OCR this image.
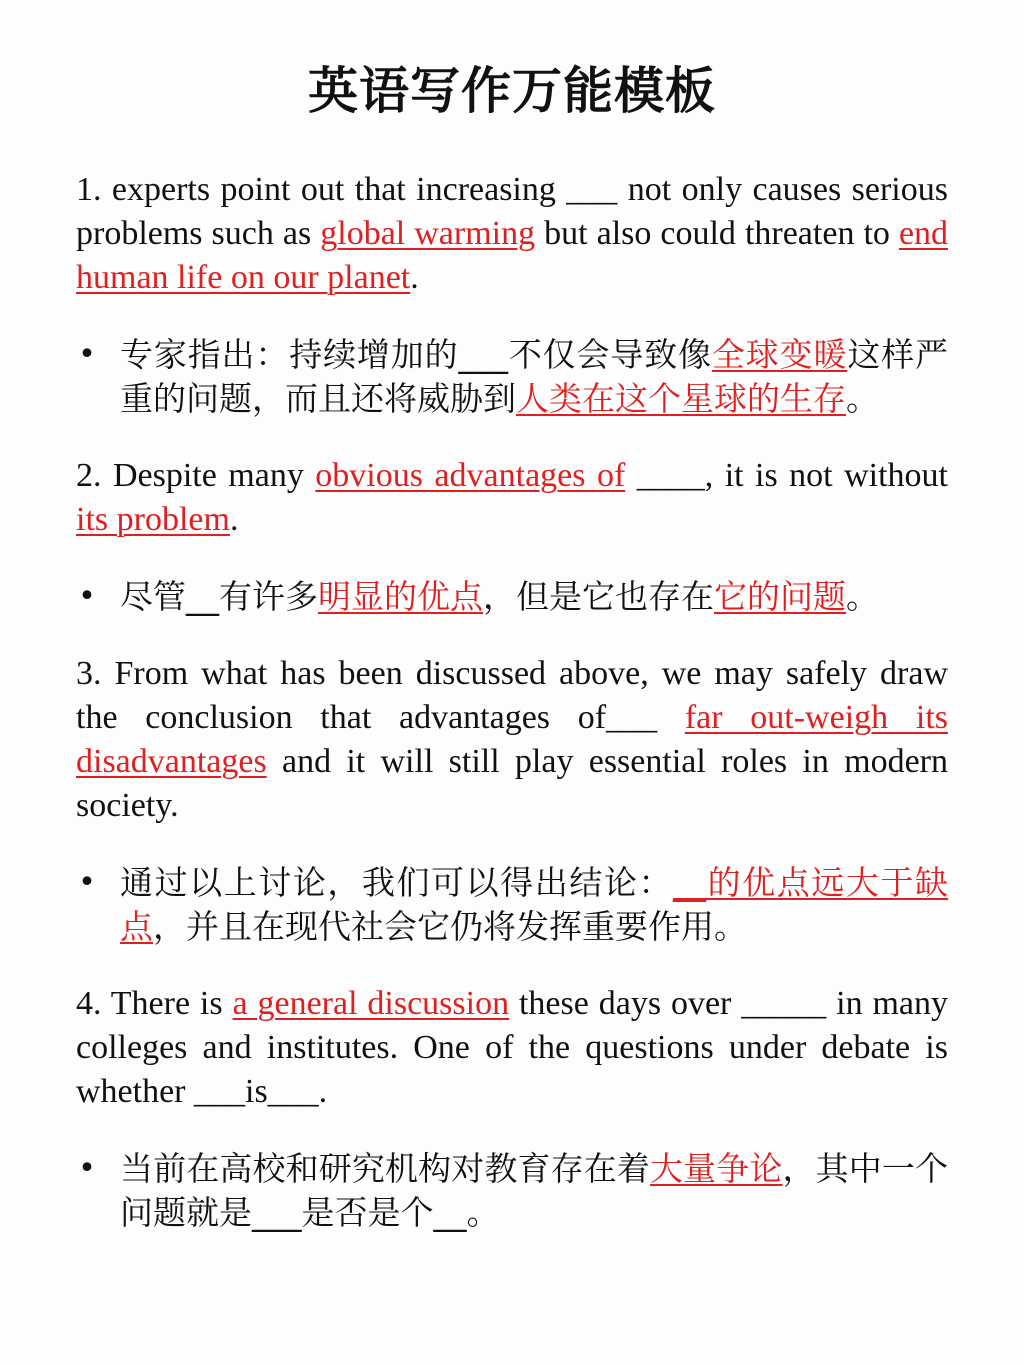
英语写作万能模板

1. experts point out that increasing ___ not only causes serious problems such as global warming but also could threaten to end human life on our planet.

• 专家指出：持续增加的___不仅会导致像全球变暖这样严重的问题，而且还将威胁到人类在这个星球的生存。

2. Despite many obvious advantages of ____, it is not without its problem.

• 尽管__有许多明显的优点，但是它也存在它的问题。

3. From what has been discussed above, we may safely draw the conclusion that advantages of___ far out-weigh its disadvantages and it will still play essential roles in modern society.

• 通过以上讨论，我们可以得出结论：__的优点远大于缺点，并且在现代社会它仍将发挥重要作用。

4. There is a general discussion these days over _____ in many colleges and institutes. One of the questions under debate is whether ___is___.

• 当前在高校和研究机构对教育存在着大量争论，其中一个问题就是___是否是个__。
